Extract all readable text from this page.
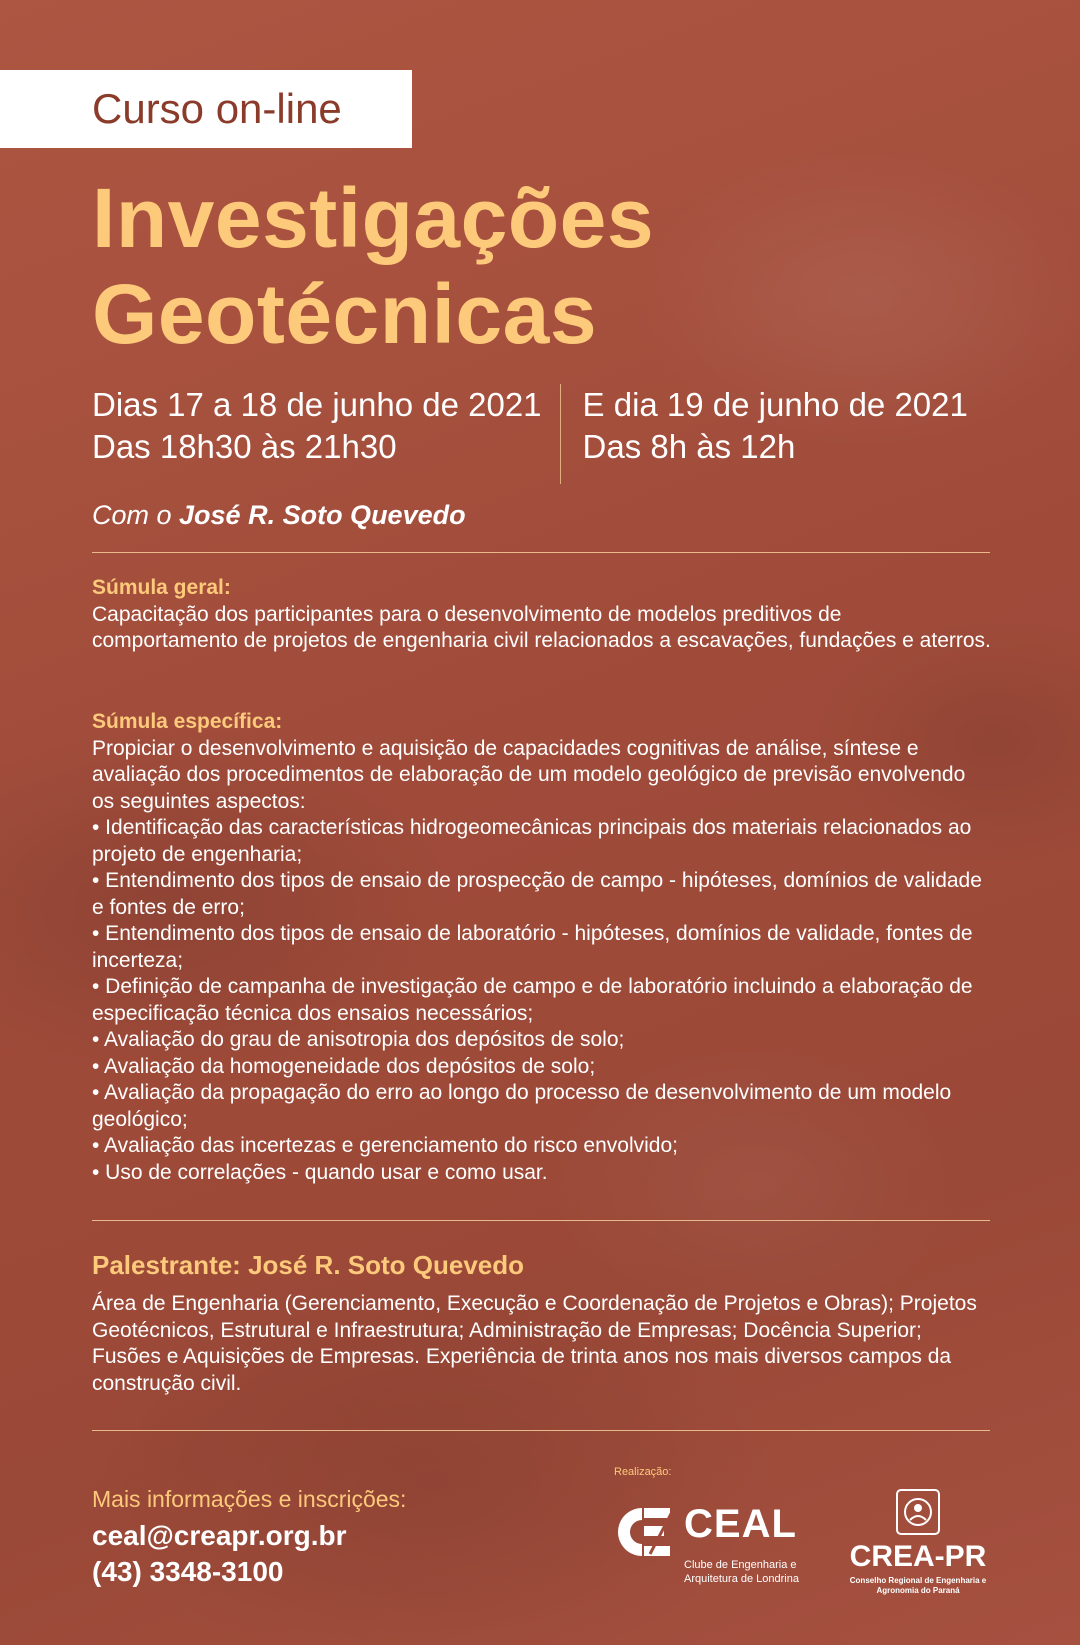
Curso on-line
Investigações
Geotécnicas
Dias 17 a 18 de junho de 2021
Das 18h30 às 21h30
E dia 19 de junho de 2021
Das 8h às 12h
Com o José R. Soto Quevedo
Súmula geral:

Capacitação dos participantes para o desenvolvimento de modelos preditivos de comportamento de projetos de engenharia civil relacionados a escavações, fundações e aterros.

Súmula específica:

Propiciar o desenvolvimento e aquisição de capacidades cognitivas de análise, síntese e avaliação dos procedimentos de elaboração de um modelo geológico de previsão envolvendo os seguintes aspectos:

• Identificação das características hidrogeomecânicas principais dos materiais relacionados ao projeto de engenharia;

• Entendimento dos tipos de ensaio de prospecção de campo - hipóteses, domínios de validade e fontes de erro;

• Entendimento dos tipos de ensaio de laboratório - hipóteses, domínios de validade, fontes de incerteza;

• Definição de campanha de investigação de campo e de laboratório incluindo a elaboração de especificação técnica dos ensaios necessários;

• Avaliação do grau de anisotropia dos depósitos de solo;

• Avaliação da homogeneidade dos depósitos de solo;

• Avaliação da propagação do erro ao longo do processo de desenvolvimento de um modelo geológico;

• Avaliação das incertezas e gerenciamento do risco envolvido;

• Uso de correlações - quando usar e como usar.

Palestrante: José R. Soto Quevedo

Área de Engenharia (Gerenciamento, Execução e Coordenação de Projetos e Obras); Projetos Geotécnicos, Estrutural e Infraestrutura; Administração de Empresas; Docência Superior; Fusões e Aquisições de Empresas. Experiência de trinta anos nos mais diversos campos da construção civil.

Mais informações e inscrições:
ceal@creapr.org.br
(43) 3348-3100
Realização:
CEAL
Clube de Engenharia e Arquitetura de Londrina
CREA-PR
Conselho Regional de Engenharia e Agronomia do Paraná
